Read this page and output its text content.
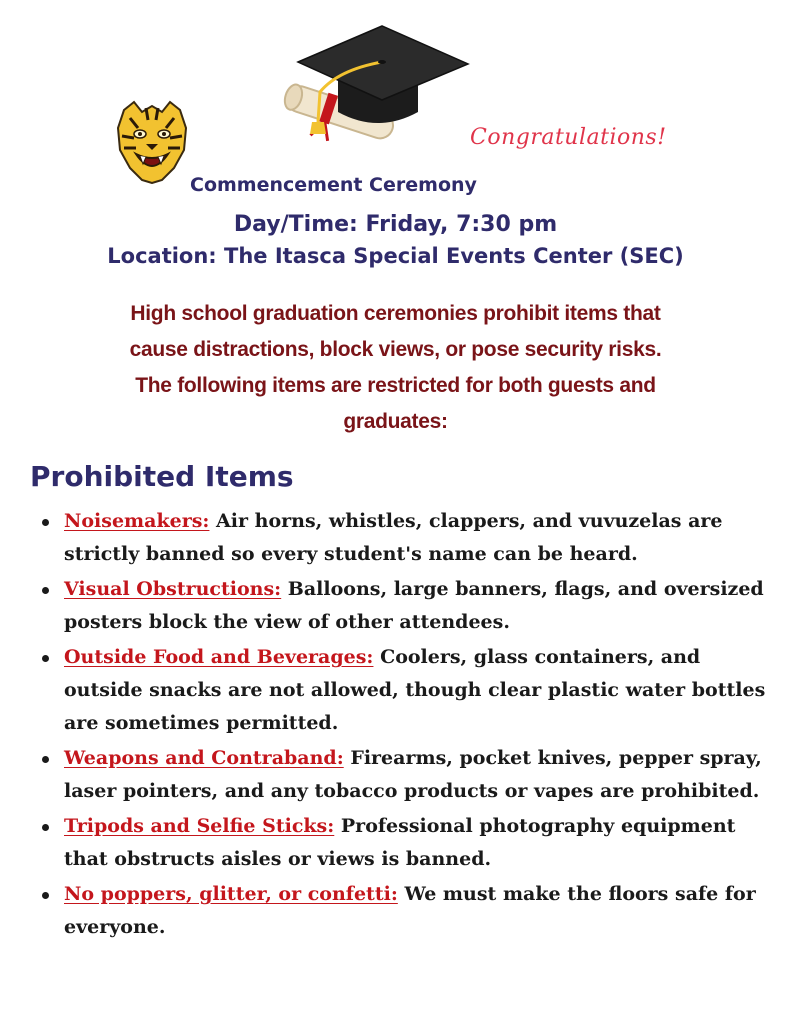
Congratulations!
Commencement Ceremony
Day/Time: Friday, 7:30 pm
Location: The Itasca Special Events Center (SEC)
High school graduation ceremonies prohibit items that
cause distractions, block views, or pose security risks.
The following items are restricted for both guests and
graduates:
Prohibited Items
Noisemakers: Air horns, whistles, clappers, and vuvuzelas are strictly banned so every student's name can be heard.
Visual Obstructions: Balloons, large banners, flags, and oversized posters block the view of other attendees.
Outside Food and Beverages: Coolers, glass containers, and outside snacks are not allowed, though clear plastic water bottles are sometimes permitted.
Weapons and Contraband: Firearms, pocket knives, pepper spray, laser pointers, and any tobacco products or vapes are prohibited.
Tripods and Selfie Sticks: Professional photography equipment that obstructs aisles or views is banned.
No poppers, glitter, or confetti: We must make the floors safe for everyone.
